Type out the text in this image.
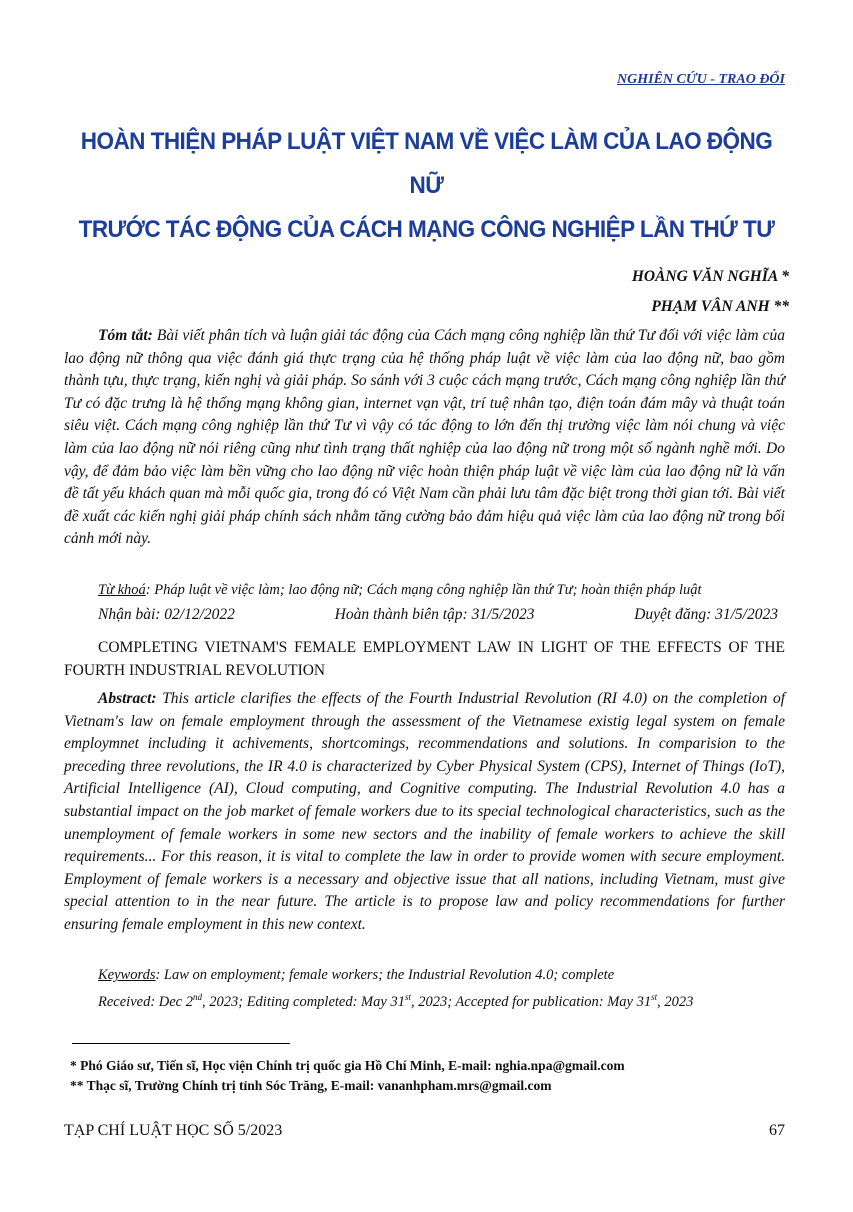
NGHIÊN CỨU - TRAO ĐỔI
HOÀN THIỆN PHÁP LUẬT VIỆT NAM VỀ VIỆC LÀM CỦA LAO ĐỘNG NỮ
TRƯỚC TÁC ĐỘNG CỦA CÁCH MẠNG CÔNG NGHIỆP LẦN THỨ TƯ
HOÀNG VĂN NGHĨA *
PHẠM VÂN ANH **

Tóm tắt: Bài viết phân tích và luận giải tác động của Cách mạng công nghiệp lần thứ Tư đối với việc làm của lao động nữ thông qua việc đánh giá thực trạng của hệ thống pháp luật về việc làm của lao động nữ, bao gồm thành tựu, thực trạng, kiến nghị và giải pháp. So sánh với 3 cuộc cách mạng trước, Cách mạng công nghiệp lần thứ Tư có đặc trưng là hệ thống mạng không gian, internet vạn vật, trí tuệ nhân tạo, điện toán đám mây và thuật toán siêu việt. Cách mạng công nghiệp lần thứ Tư vì vậy có tác động to lớn đến thị trường việc làm nói chung và việc làm của lao động nữ nói riêng cũng như tình trạng thất nghiệp của lao động nữ trong một số ngành nghề mới. Do vậy, để đảm bảo việc làm bền vững cho lao động nữ việc hoàn thiện pháp luật về việc làm của lao động nữ là vấn đề tất yếu khách quan mà mỗi quốc gia, trong đó có Việt Nam cần phải lưu tâm đặc biệt trong thời gian tới. Bài viết đề xuất các kiến nghị giải pháp chính sách nhằm tăng cường bảo đảm hiệu quả việc làm của lao động nữ trong bối cảnh mới này.

Từ khoá: Pháp luật về việc làm; lao động nữ; Cách mạng công nghiệp lần thứ Tư; hoàn thiện pháp luật
Nhận bài: 02/12/2022	Hoàn thành biên tập: 31/5/2023	Duyệt đăng: 31/5/2023

COMPLETING VIETNAM'S FEMALE EMPLOYMENT LAW IN LIGHT OF THE EFFECTS OF THE FOURTH INDUSTRIAL REVOLUTION

Abstract: This article clarifies the effects of the Fourth Industrial Revolution (RI 4.0) on the completion of Vietnam's law on female employment through the assessment of the Vietnamese existig legal system on female employmnet including it achivements, shortcomings, recommendations and solutions. In comparision to the preceding three revolutions, the IR 4.0 is characterized by Cyber Physical System (CPS), Internet of Things (IoT), Artificial Intelligence (AI), Cloud computing, and Cognitive computing. The Industrial Revolution 4.0 has a substantial impact on the job market of female workers due to its special technological characteristics, such as the unemployment of female workers in some new sectors and the inability of female workers to achieve the skill requirements... For this reason, it is vital to complete the law in order to provide women with secure employment. Employment of female workers is a necessary and objective issue that all nations, including Vietnam, must give special attention to in the near future. The article is to propose law and policy recommendations for further ensuring female employment in this new context.

Keywords: Law on employment; female workers; the Industrial Revolution 4.0; complete
Received: Dec 2nd, 2023; Editing completed: May 31st, 2023; Accepted for publication: May 31st, 2023
* Phó Giáo sư, Tiến sĩ, Học viện Chính trị quốc gia Hồ Chí Minh, E-mail: nghia.npa@gmail.com
** Thạc sĩ, Trường Chính trị tỉnh Sóc Trăng, E-mail: vananhpham.mrs@gmail.com
TẠP CHÍ LUẬT HỌC SỐ 5/2023	67
